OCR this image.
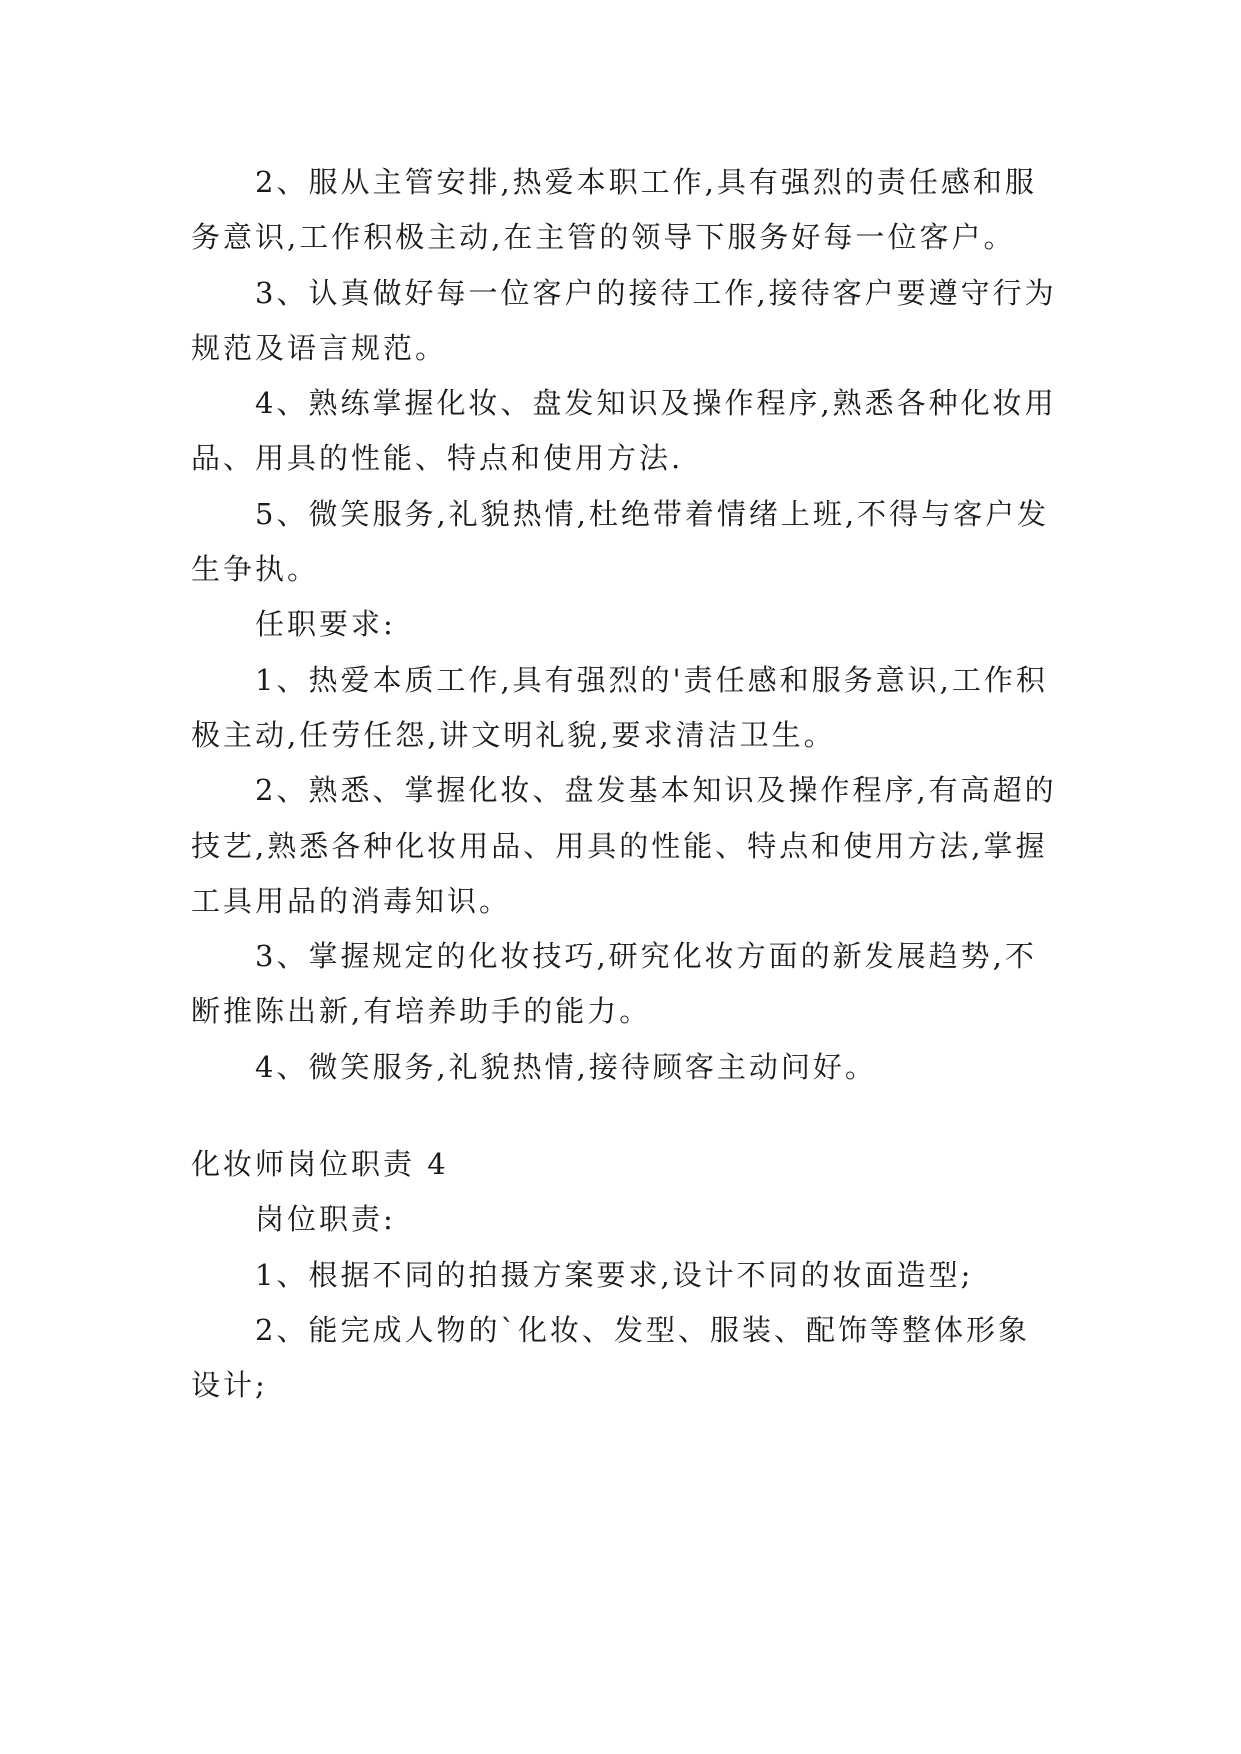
2、服从主管安排,热爱本职工作,具有强烈的责任感和服务意识,工作积极主动,在主管的领导下服务好每一位客户。

3、认真做好每一位客户的接待工作,接待客户要遵守行为规范及语言规范。

4、熟练掌握化妆、盘发知识及操作程序,熟悉各种化妆用品、用具的性能、特点和使用方法.

5、微笑服务,礼貌热情,杜绝带着情绪上班,不得与客户发生争执。

任职要求:

1、热爱本质工作,具有强烈的'责任感和服务意识,工作积极主动,任劳任怨,讲文明礼貌,要求清洁卫生。

2、熟悉、掌握化妆、盘发基本知识及操作程序,有高超的技艺,熟悉各种化妆用品、用具的性能、特点和使用方法,掌握工具用品的消毒知识。

3、掌握规定的化妆技巧,研究化妆方面的新发展趋势,不断推陈出新,有培养助手的能力。

4、微笑服务,礼貌热情,接待顾客主动问好。

化妆师岗位职责 4

岗位职责:

1、根据不同的拍摄方案要求,设计不同的妆面造型;

2、能完成人物的`化妆、发型、服装、配饰等整体形象设计;
